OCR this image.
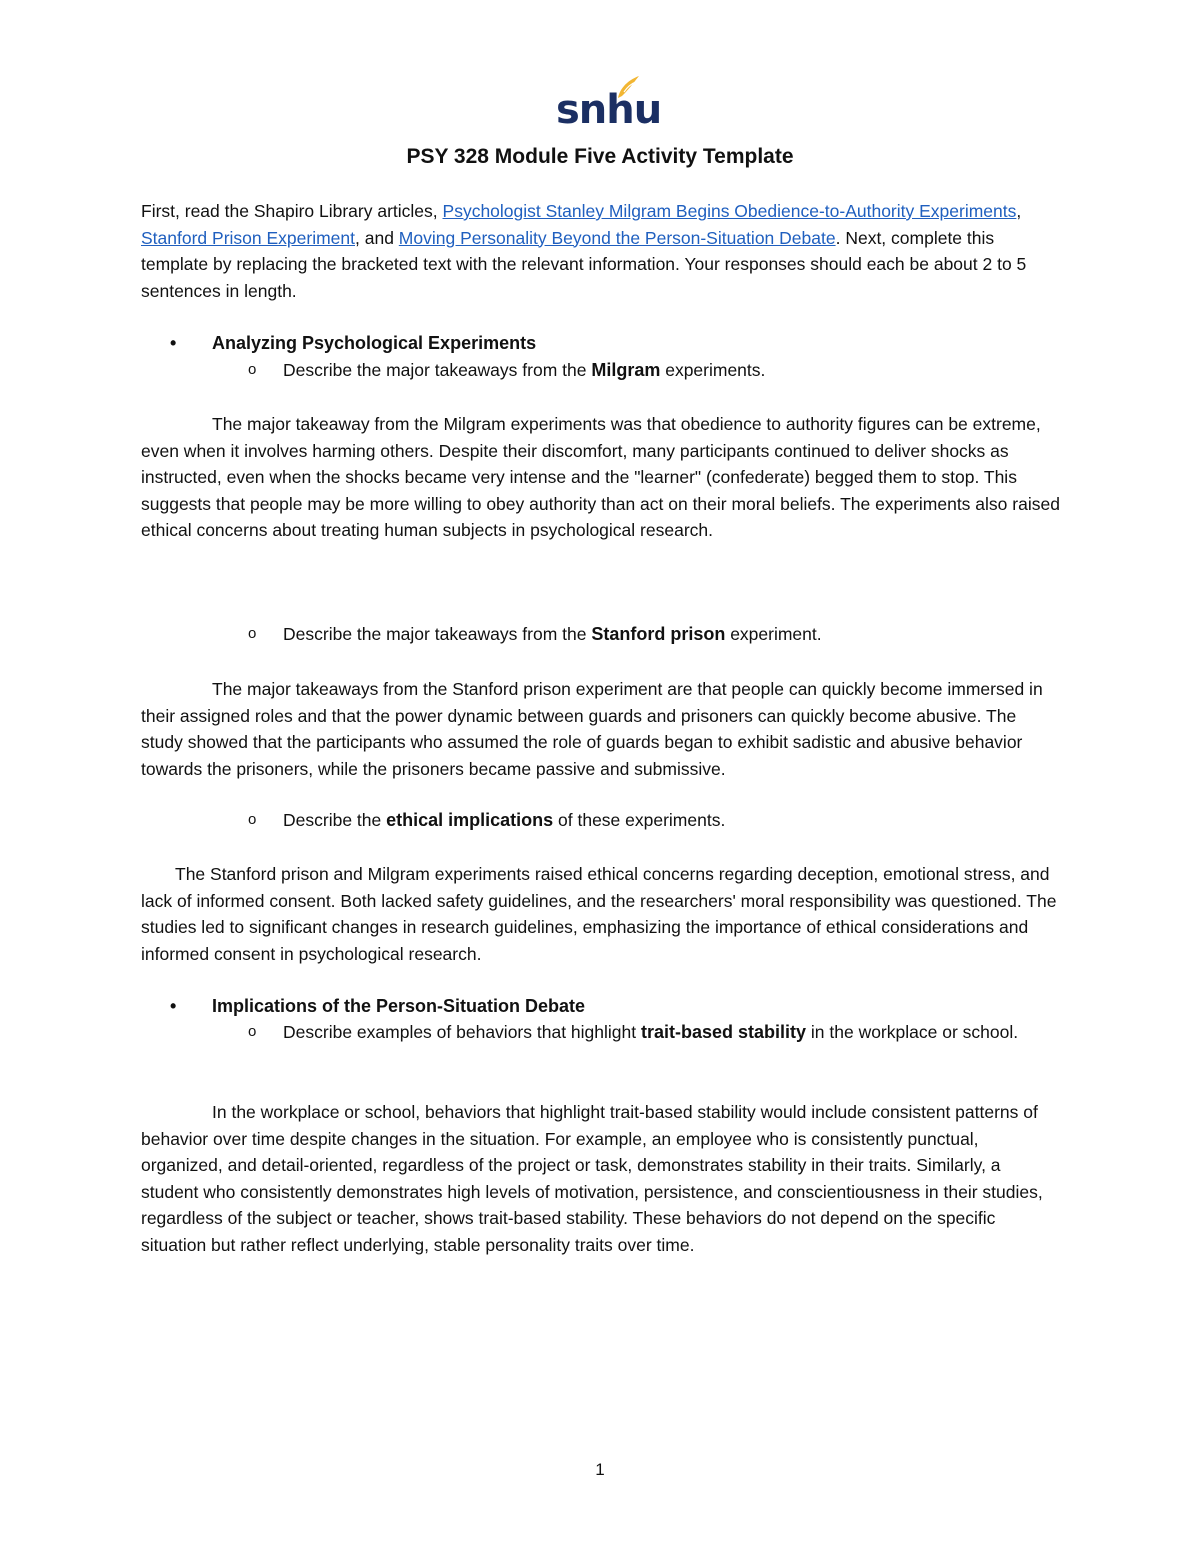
snhu
PSY 328 Module Five Activity Template
First, read the Shapiro Library articles, Psychologist Stanley Milgram Begins Obedience-to-Authority Experiments, Stanford Prison Experiment, and Moving Personality Beyond the Person-Situation Debate. Next, complete this template by replacing the bracketed text with the relevant information. Your responses should each be about 2 to 5 sentences in length.
• Analyzing Psychological Experiments
o Describe the major takeaways from the Milgram experiments.
The major takeaway from the Milgram experiments was that obedience to authority figures can be extreme, even when it involves harming others. Despite their discomfort, many participants continued to deliver shocks as instructed, even when the shocks became very intense and the "learner" (confederate) begged them to stop. This suggests that people may be more willing to obey authority than act on their moral beliefs. The experiments also raised ethical concerns about treating human subjects in psychological research.
o Describe the major takeaways from the Stanford prison experiment.
The major takeaways from the Stanford prison experiment are that people can quickly become immersed in their assigned roles and that the power dynamic between guards and prisoners can quickly become abusive. The study showed that the participants who assumed the role of guards began to exhibit sadistic and abusive behavior towards the prisoners, while the prisoners became passive and submissive.
o Describe the ethical implications of these experiments.
The Stanford prison and Milgram experiments raised ethical concerns regarding deception, emotional stress, and lack of informed consent. Both lacked safety guidelines, and the researchers' moral responsibility was questioned. The studies led to significant changes in research guidelines, emphasizing the importance of ethical considerations and informed consent in psychological research.
• Implications of the Person-Situation Debate
o Describe examples of behaviors that highlight trait-based stability in the workplace or school.
In the workplace or school, behaviors that highlight trait-based stability would include consistent patterns of behavior over time despite changes in the situation. For example, an employee who is consistently punctual, organized, and detail-oriented, regardless of the project or task, demonstrates stability in their traits. Similarly, a student who consistently demonstrates high levels of motivation, persistence, and conscientiousness in their studies, regardless of the subject or teacher, shows trait-based stability. These behaviors do not depend on the specific situation but rather reflect underlying, stable personality traits over time.
1
